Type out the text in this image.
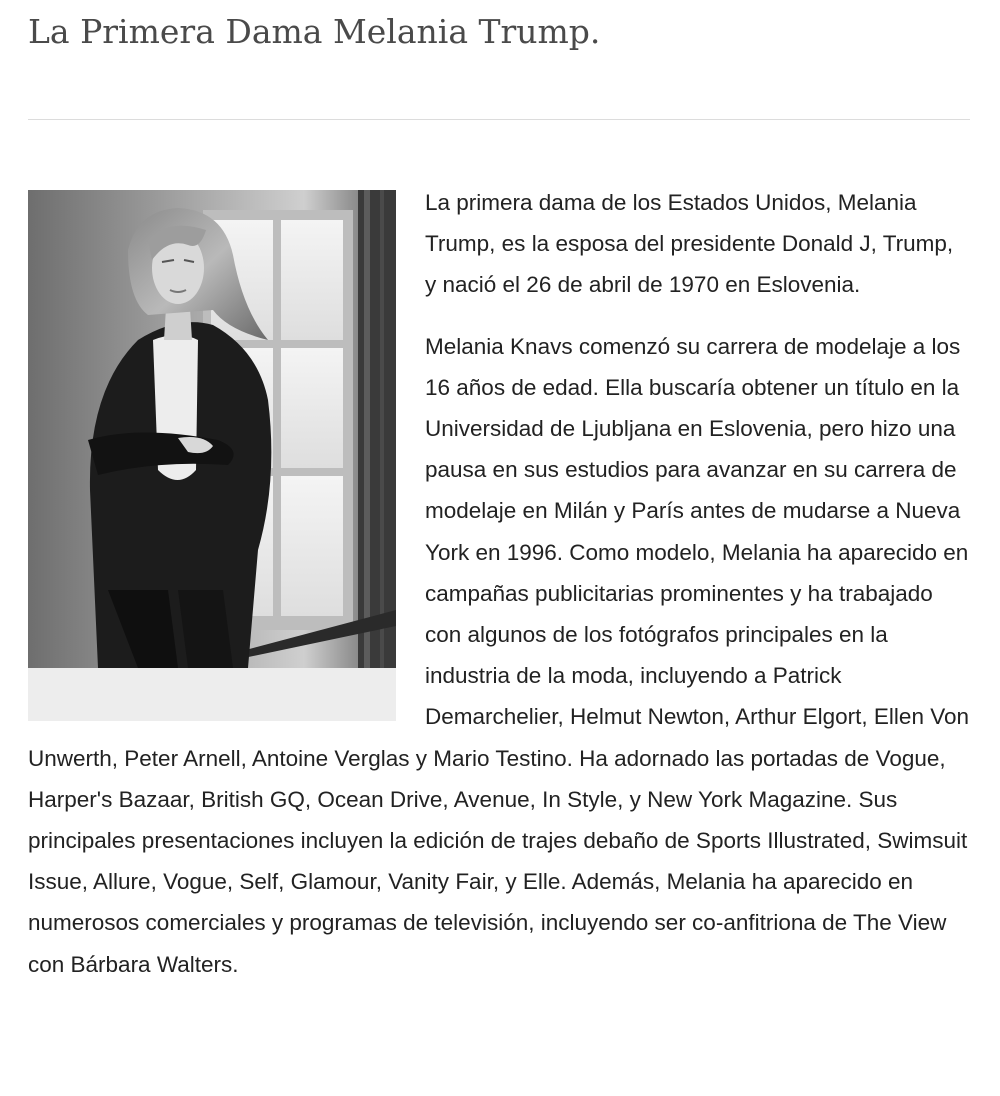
La Primera Dama Melania Trump.

La primera dama de los Estados Unidos, Melania Trump, es la esposa del presidente Donald J, Trump, y nació el 26 de abril de 1970 en Eslovenia.

Melania Knavs comenzó su carrera de modelaje a los 16 años de edad. Ella buscaría obtener un título en la Universidad de Ljubljana en Eslovenia, pero hizo una pausa en sus estudios para avanzar en su carrera de modelaje en Milán y París antes de mudarse a Nueva York en 1996. Como modelo, Melania ha aparecido en campañas publicitarias prominentes y ha trabajado con algunos de los fotógrafos principales en la industria de la moda, incluyendo a Patrick Demarchelier, Helmut Newton, Arthur Elgort, Ellen Von Unwerth, Peter Arnell, Antoine Verglas y Mario Testino. Ha adornado las portadas de Vogue, Harper's Bazaar, British GQ, Ocean Drive, Avenue, In Style, y New York Magazine. Sus principales presentaciones incluyen la edición de trajes debaño de Sports Illustrated, Swimsuit Issue, Allure, Vogue, Self, Glamour, Vanity Fair, y Elle. Además, Melania ha aparecido en numerosos comerciales y programas de televisión, incluyendo ser co-anfitriona de The View con Bárbara Walters.
